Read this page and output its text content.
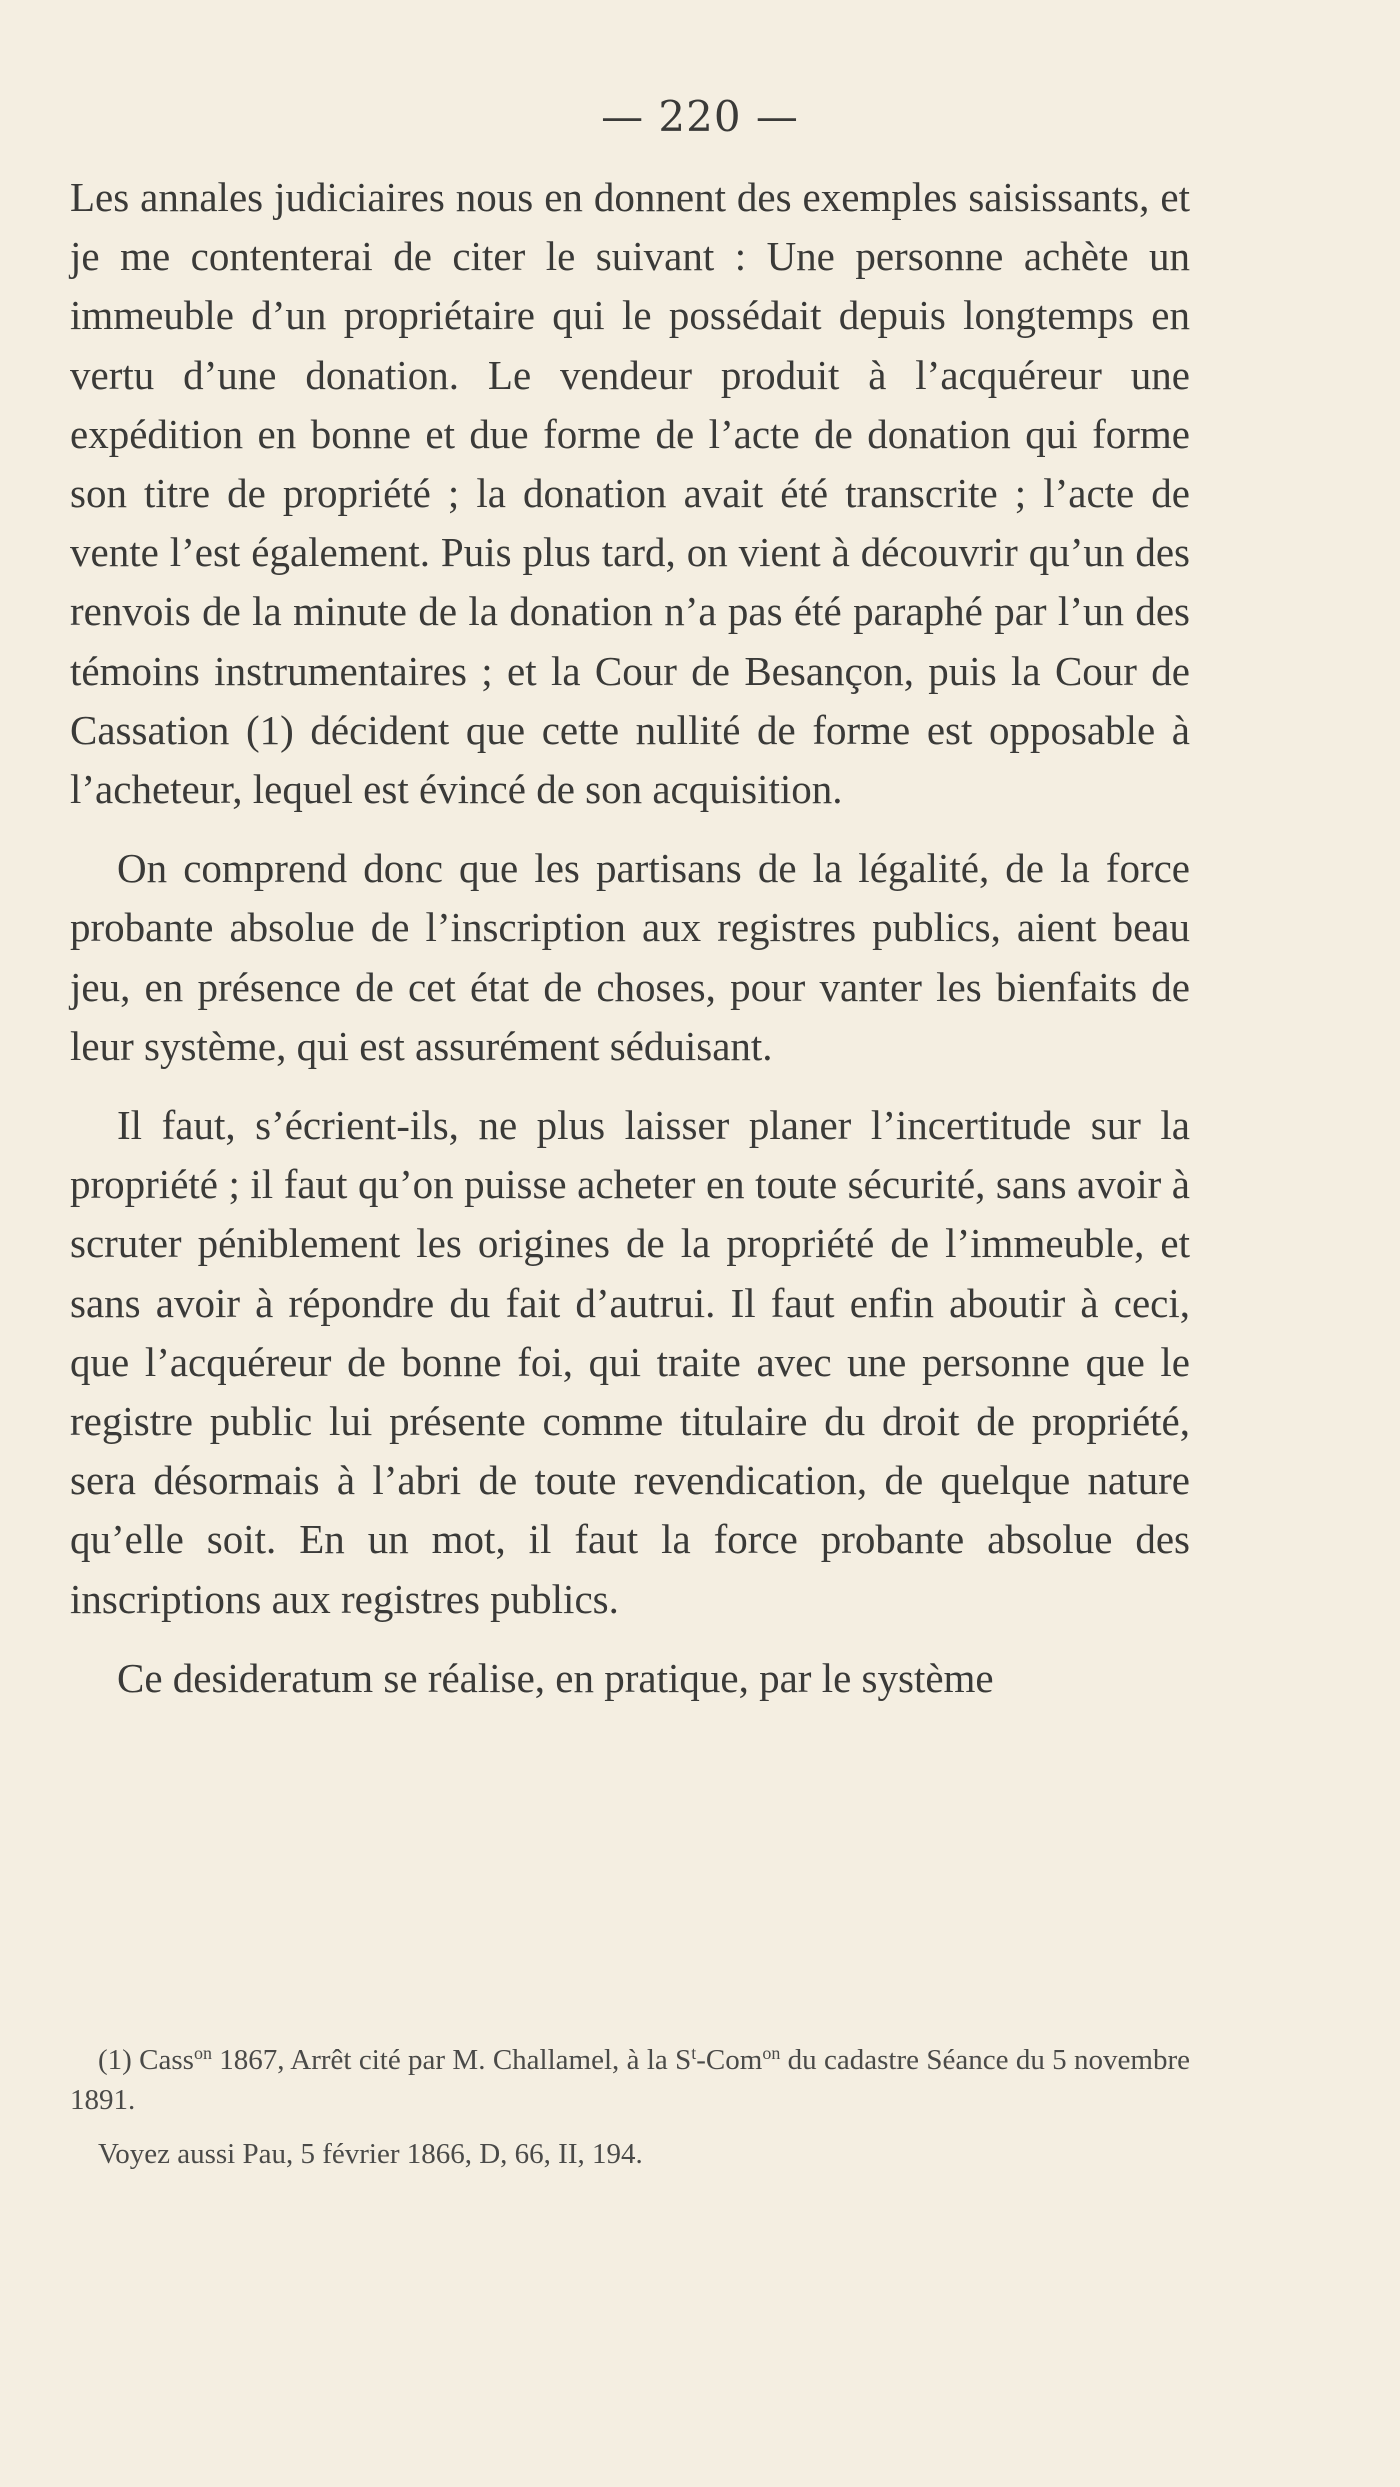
— 220 —

Les annales judiciaires nous en donnent des exemples saisissants, et je me contenterai de citer le suivant : Une personne achète un immeuble d’un propriétaire qui le possédait depuis longtemps en vertu d’une donation. Le vendeur produit à l’acquéreur une expédition en bonne et due forme de l’acte de donation qui forme son titre de propriété ; la donation avait été transcrite ; l’acte de vente l’est également. Puis plus tard, on vient à découvrir qu’un des renvois de la minute de la donation n’a pas été paraphé par l’un des témoins instrumentaires ; et la Cour de Besançon, puis la Cour de Cassation (1) décident que cette nullité de forme est opposable à l’acheteur, lequel est évincé de son acquisition.

On comprend donc que les partisans de la légalité, de la force probante absolue de l’inscription aux registres publics, aient beau jeu, en présence de cet état de choses, pour vanter les bienfaits de leur système, qui est assurément séduisant.

Il faut, s’écrient-ils, ne plus laisser planer l’incertitude sur la propriété ; il faut qu’on puisse acheter en toute sécurité, sans avoir à scruter péniblement les origines de la propriété de l’immeuble, et sans avoir à répondre du fait d’autrui. Il faut enfin aboutir à ceci, que l’acquéreur de bonne foi, qui traite avec une personne que le registre public lui présente comme titulaire du droit de propriété, sera désormais à l’abri de toute revendication, de quelque nature qu’elle soit. En un mot, il faut la force probante absolue des inscriptions aux registres publics.

Ce desideratum se réalise, en pratique, par le système

(1) Cass$^{on}$ 1867, Arrêt cité par M. Challamel, à la $S^t-Com^{on}$ du cadastre Séance du 5 novembre 1891.

Voyez aussi Pau, 5 février 1866, D, 66, II, 194.
